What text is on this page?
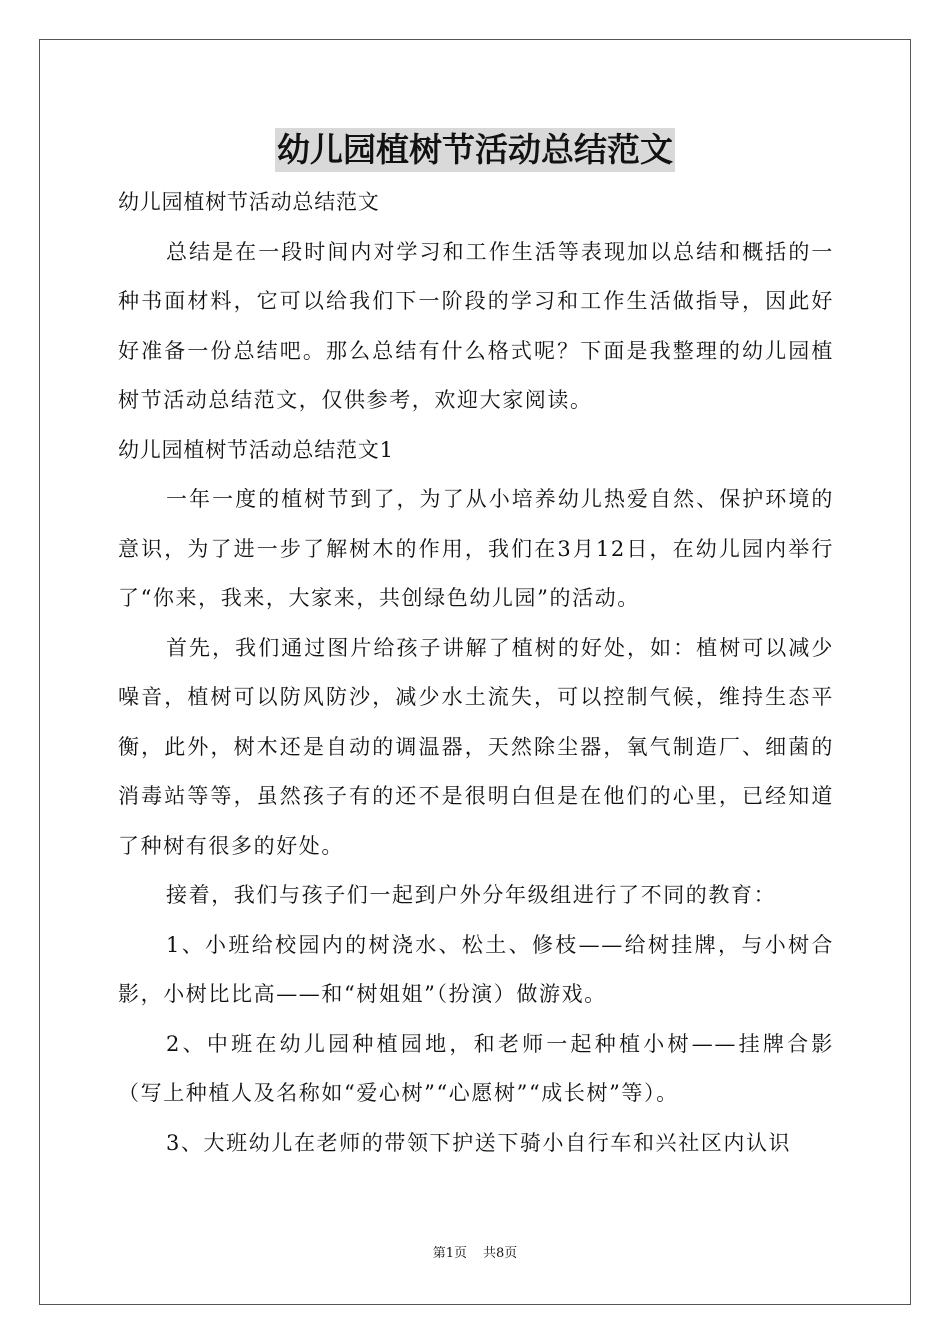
幼儿园植树节活动总结范文

幼儿园植树节活动总结范文

总结是在一段时间内对学习和工作生活等表现加以总结和概括的一种书面材料，它可以给我们下一阶段的学习和工作生活做指导，因此好好准备一份总结吧。那么总结有什么格式呢？下面是我整理的幼儿园植树节活动总结范文，仅供参考，欢迎大家阅读。

幼儿园植树节活动总结范文1

一年一度的植树节到了，为了从小培养幼儿热爱自然、保护环境的意识，为了进一步了解树木的作用，我们在3月12日，在幼儿园内举行了“你来，我来，大家来，共创绿色幼儿园”的活动。

首先，我们通过图片给孩子讲解了植树的好处，如：植树可以减少噪音，植树可以防风防沙，减少水土流失，可以控制气候，维持生态平衡，此外，树木还是自动的调温器，天然除尘器，氧气制造厂、细菌的消毒站等等，虽然孩子有的还不是很明白但是在他们的心里，已经知道了种树有很多的好处。

接着，我们与孩子们一起到户外分年级组进行了不同的教育：

1、小班给校园内的树浇水、松土、修枝——给树挂牌，与小树合影，小树比比高——和“树姐姐”（扮演）做游戏。

2、中班在幼儿园种植园地，和老师一起种植小树——挂牌合影（写上种植人及名称如“爱心树”“心愿树”“成长树”等）。

3、大班幼儿在老师的带领下护送下骑小自行车和兴社区内认识

第1页 共8页
